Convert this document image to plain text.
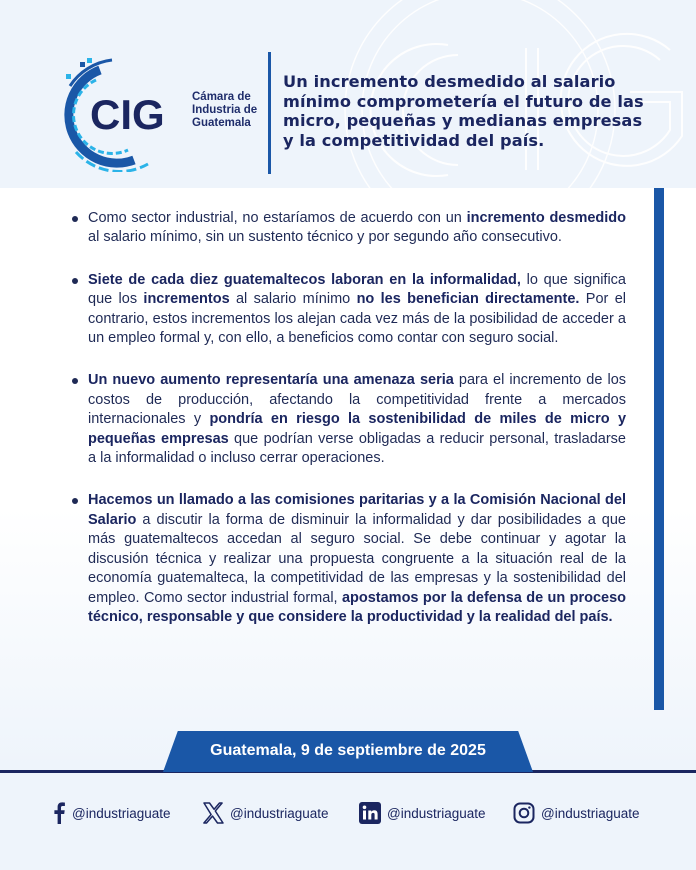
CIG Cámara de
Industria de
Guatemala
Un incremento desmedido al salario
mínimo comprometería el futuro de las
micro, pequeñas y medianas empresas
y la competitividad del país.
Como sector industrial, no estaríamos de acuerdo con un incremento desmedido al salario mínimo, sin un sustento técnico y por segundo año consecutivo.
Siete de cada diez guatemaltecos laboran en la informalidad, lo que significa que los incrementos al salario mínimo no les benefician directamente. Por el contrario, estos incrementos los alejan cada vez más de la posibilidad de acceder a un empleo formal y, con ello, a beneficios como contar con seguro social.
Un nuevo aumento representaría una amenaza seria para el incremento de los costos de producción, afectando la competitividad frente a mercados internacionales y pondría en riesgo la sostenibilidad de miles de micro y pequeñas empresas que podrían verse obligadas a reducir personal, trasladarse a la informalidad o incluso cerrar operaciones.
Hacemos un llamado a las comisiones paritarias y a la Comisión Nacional del Salario a discutir la forma de disminuir la informalidad y dar posibilidades a que más guatemaltecos accedan al seguro social. Se debe continuar y agotar la discusión técnica y realizar una propuesta congruente a la situación real de la economía guatemalteca, la competitividad de las empresas y la sostenibilidad del empleo. Como sector industrial formal, apostamos por la defensa de un proceso técnico, responsable y que considere la productividad y la realidad del país.
Guatemala, 9 de septiembre de 2025
@industriaguate	@industriaguate	@industriaguate	@industriaguate
